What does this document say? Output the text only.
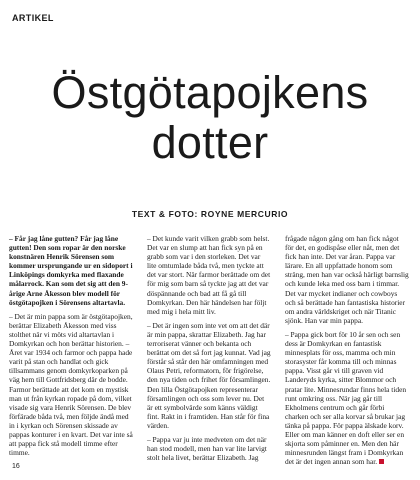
ARTIKEL
Östgötapojkens
dotter
TEXT & FOTO: ROYNE MERCURIO

– Får jag låne gutten? Får jag låne gutten! Den som ropar är den norske konstnären Henrik Sörensen som kommer ursprungande ur en sidoport i Linköpings domkyrka med flaxande målarrock. Kan som det sig att den 9-årige Arne Åkesson blev modell för östgötapojken i Sörensens altartavla.

– Det är min pappa som är östgötapojken, berättar Elizabeth Åkesson med viss stolthet när vi möts vid altartavlan i Domkyrkan och hon berättar historien. – Året var 1934 och farmor och pappa hade varit på stan och handlat och gick tillsammans genom domkyrkoparken på väg hem till Gottfridsberg där de bodde. Farmor berättade att det kom en mystisk man ut från kyrkan ropade på dom, vilket visade sig vara Henrik Sörensen. De blev förfärade båda två, men följde ändå med in i kyrkan och Sörensen skissade av pappas konturer i en kvart. Det var inte så att pappa fick stå modell timme efter timme.

– Det kunde varit vilken grabb som helst. Det var en slump att han fick syn på en grabb som var i den storleken. Det var lite omtumlade båda två, men tyckte att det var stort. När farmor berättade om det för mig som barn så tyckte jag att det var döspännande och bad att få gå till Domkyrkan. Den här händelsen har följt med mig i hela mitt liv.

– Det är ingen som inte vet om att det där är min pappa, skrattar Elizabeth. Jag har terroriserat vänner och bekanta och berättat om det så fort jag kunnat. Vad jag förstår så står den här omfamningen med Olaus Petri, reformatorn, för frigörelse, den nya tiden och frihet för församlingen. Den lilla Östgötapojken representerar församlingen och oss som lever nu. Det är ett symbolvärde som känns väldigt fint. Rakt in i framtiden. Han står för fina värden.

– Pappa var ju inte medveten om det när han stod modell, men han var lite larvigt stolt hela livet, berättar Elizabeth. Jag

frågade någon gång om han fick något för det, en godispåse eller nåt, men det fick han inte. Det var åran. Pappa var lärare. En all uppfattade honom som sträng, men han var också härligt barnslig och kunde leka med oss barn i timmar. Det var mycket indianer och cowboys och så berättade han fantastiska historier om andra världskriget och när Titanic sjönk. Han var min pappa.

– Pappa gick bort för 10 år sen och sen dess är Domkyrkan en fantastisk minnesplats för oss, mamma och min storasyster får komma till och minnas pappa. Visst går vi till graven vid Landeryds kyrka, sitter Blommor och pratar lite. Minnesrundar finns hela tiden runt omkring oss. När jag går till Ekholmens centrum och går förbi charken och ser alla korvar så brukar jag tänka på pappa. För pappa älskade korv. Eller om man känner en doft eller ser en skjorta som påminner en. Men den här minnesrunden längst fram i Domkyrkan det är det ingen annan som har.

16
